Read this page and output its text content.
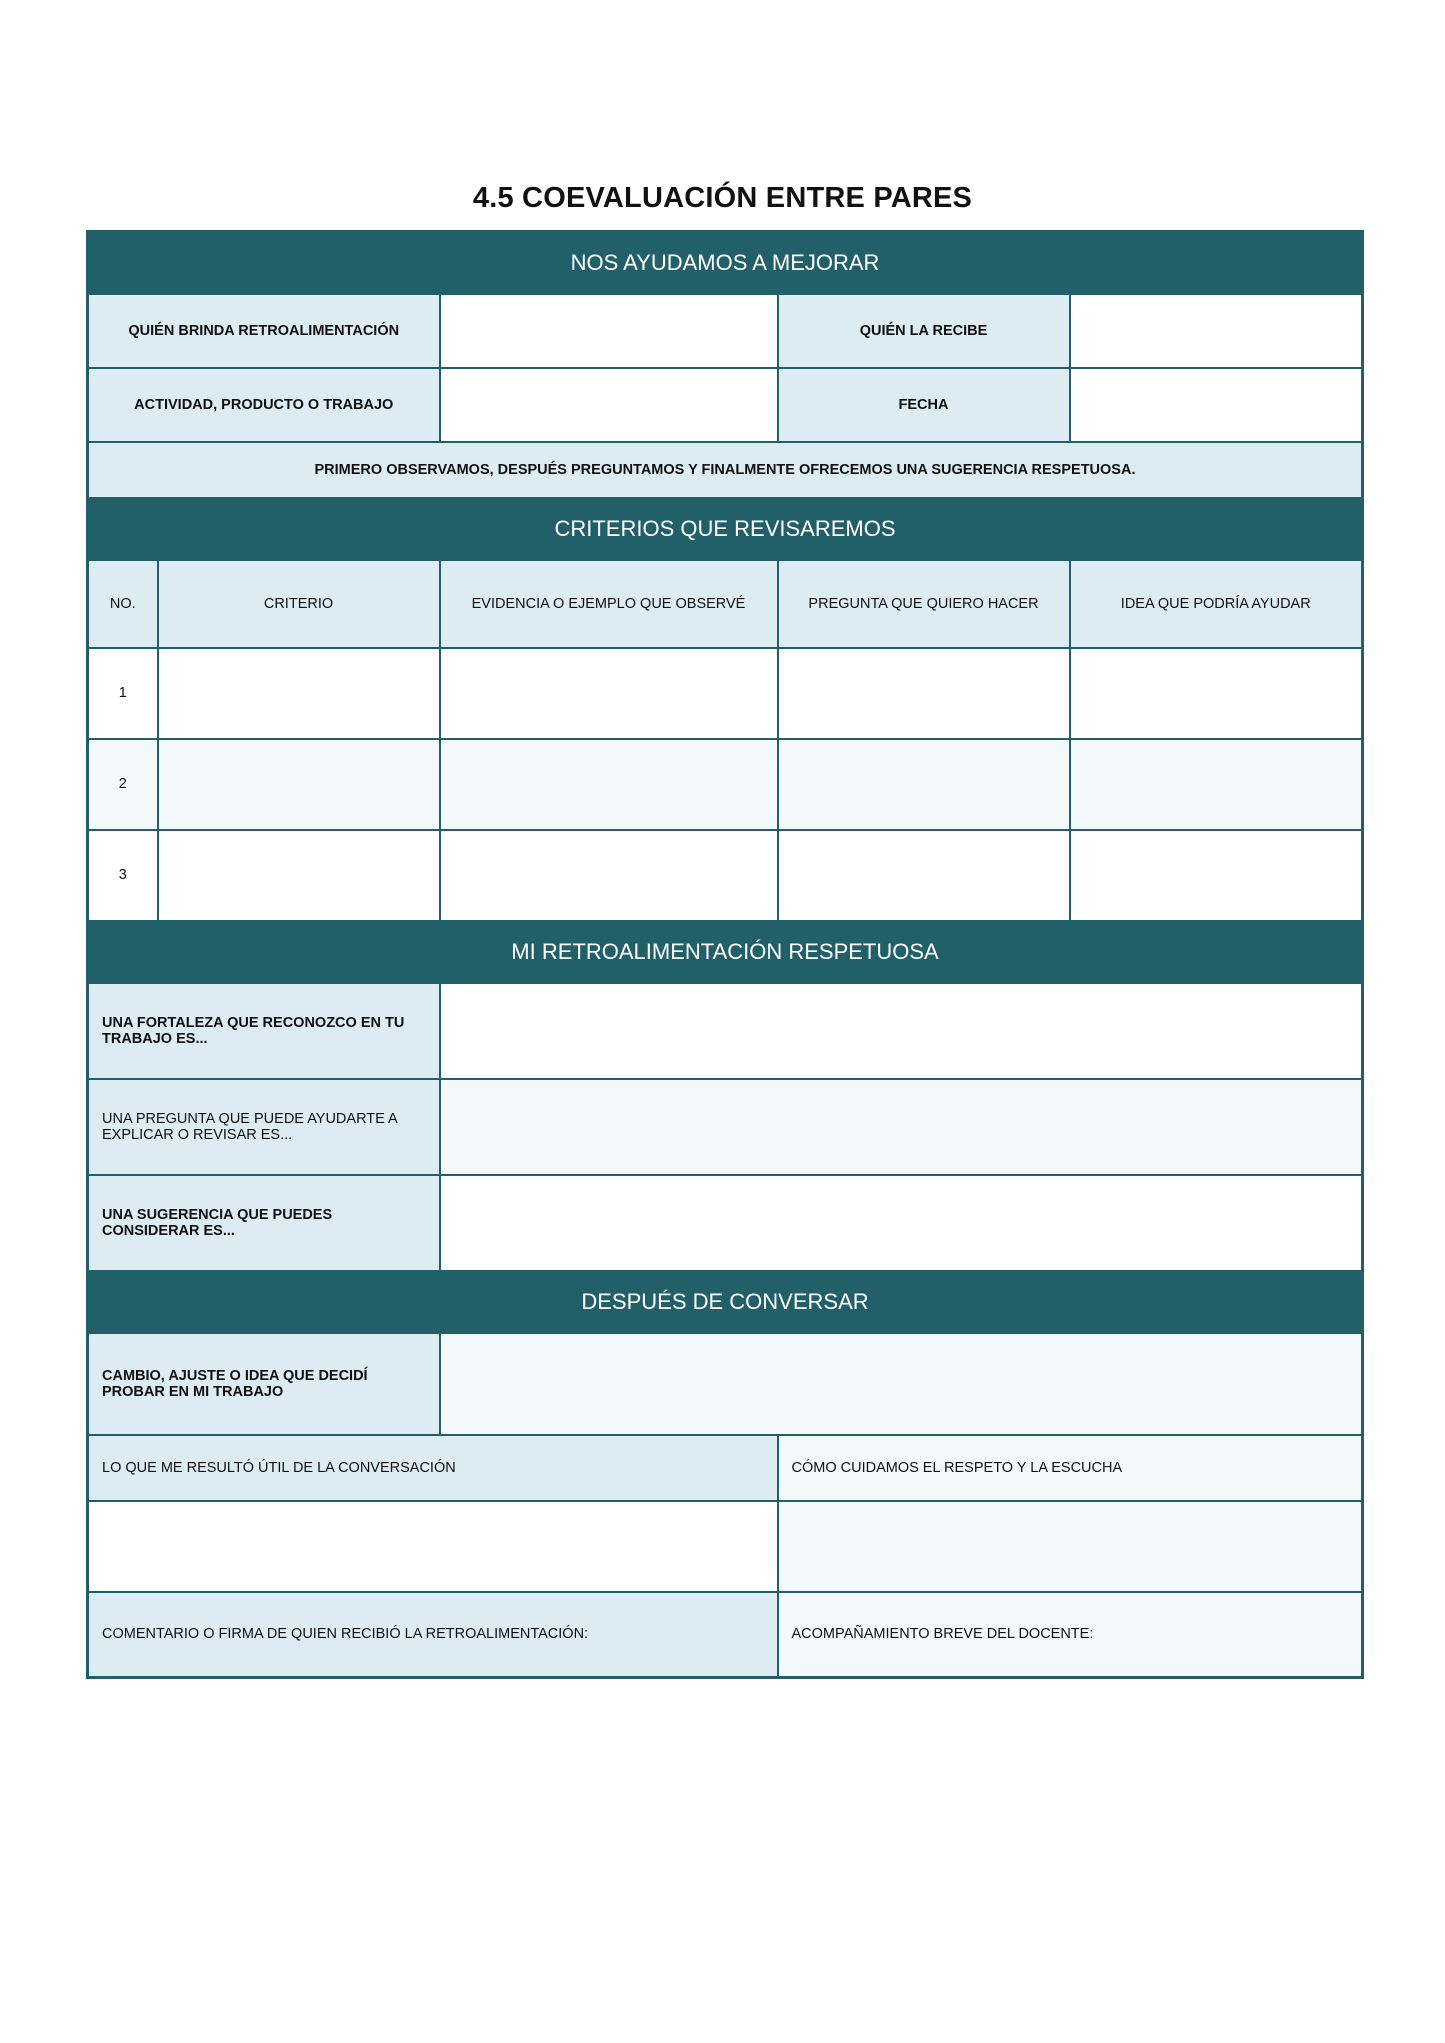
4.5 COEVALUACIÓN ENTRE PARES
NOS AYUDAMOS A MEJORAR				
QUIÉN BRINDA RETROALIMENTACIÓN			QUIÉN LA RECIBE	
ACTIVIDAD, PRODUCTO O TRABAJO			FECHA	
PRIMERO OBSERVAMOS, DESPUÉS PREGUNTAMOS Y FINALMENTE OFRECEMOS UNA SUGERENCIA RESPETUOSA.				
CRITERIOS QUE REVISAREMOS				
NO.	CRITERIO	EVIDENCIA O EJEMPLO QUE OBSERVÉ	PREGUNTA QUE QUIERO HACER	IDEA QUE PODRÍA AYUDAR
1				
2				
3				
MI RETROALIMENTACIÓN RESPETUOSA				
UNA FORTALEZA QUE RECONOZCO EN TU TRABAJO ES...				
UNA PREGUNTA QUE PUEDE AYUDARTE A EXPLICAR O REVISAR ES...				
UNA SUGERENCIA QUE PUEDES CONSIDERAR ES...				
DESPUÉS DE CONVERSAR				
CAMBIO, AJUSTE O IDEA QUE DECIDÍ PROBAR EN MI TRABAJO				
LO QUE ME RESULTÓ ÚTIL DE LA CONVERSACIÓN			CÓMO CUIDAMOS EL RESPETO Y LA ESCUCHA	

COMENTARIO O FIRMA DE QUIEN RECIBIÓ LA RETROALIMENTACIÓN:			ACOMPAÑAMIENTO BREVE DEL DOCENTE:	
